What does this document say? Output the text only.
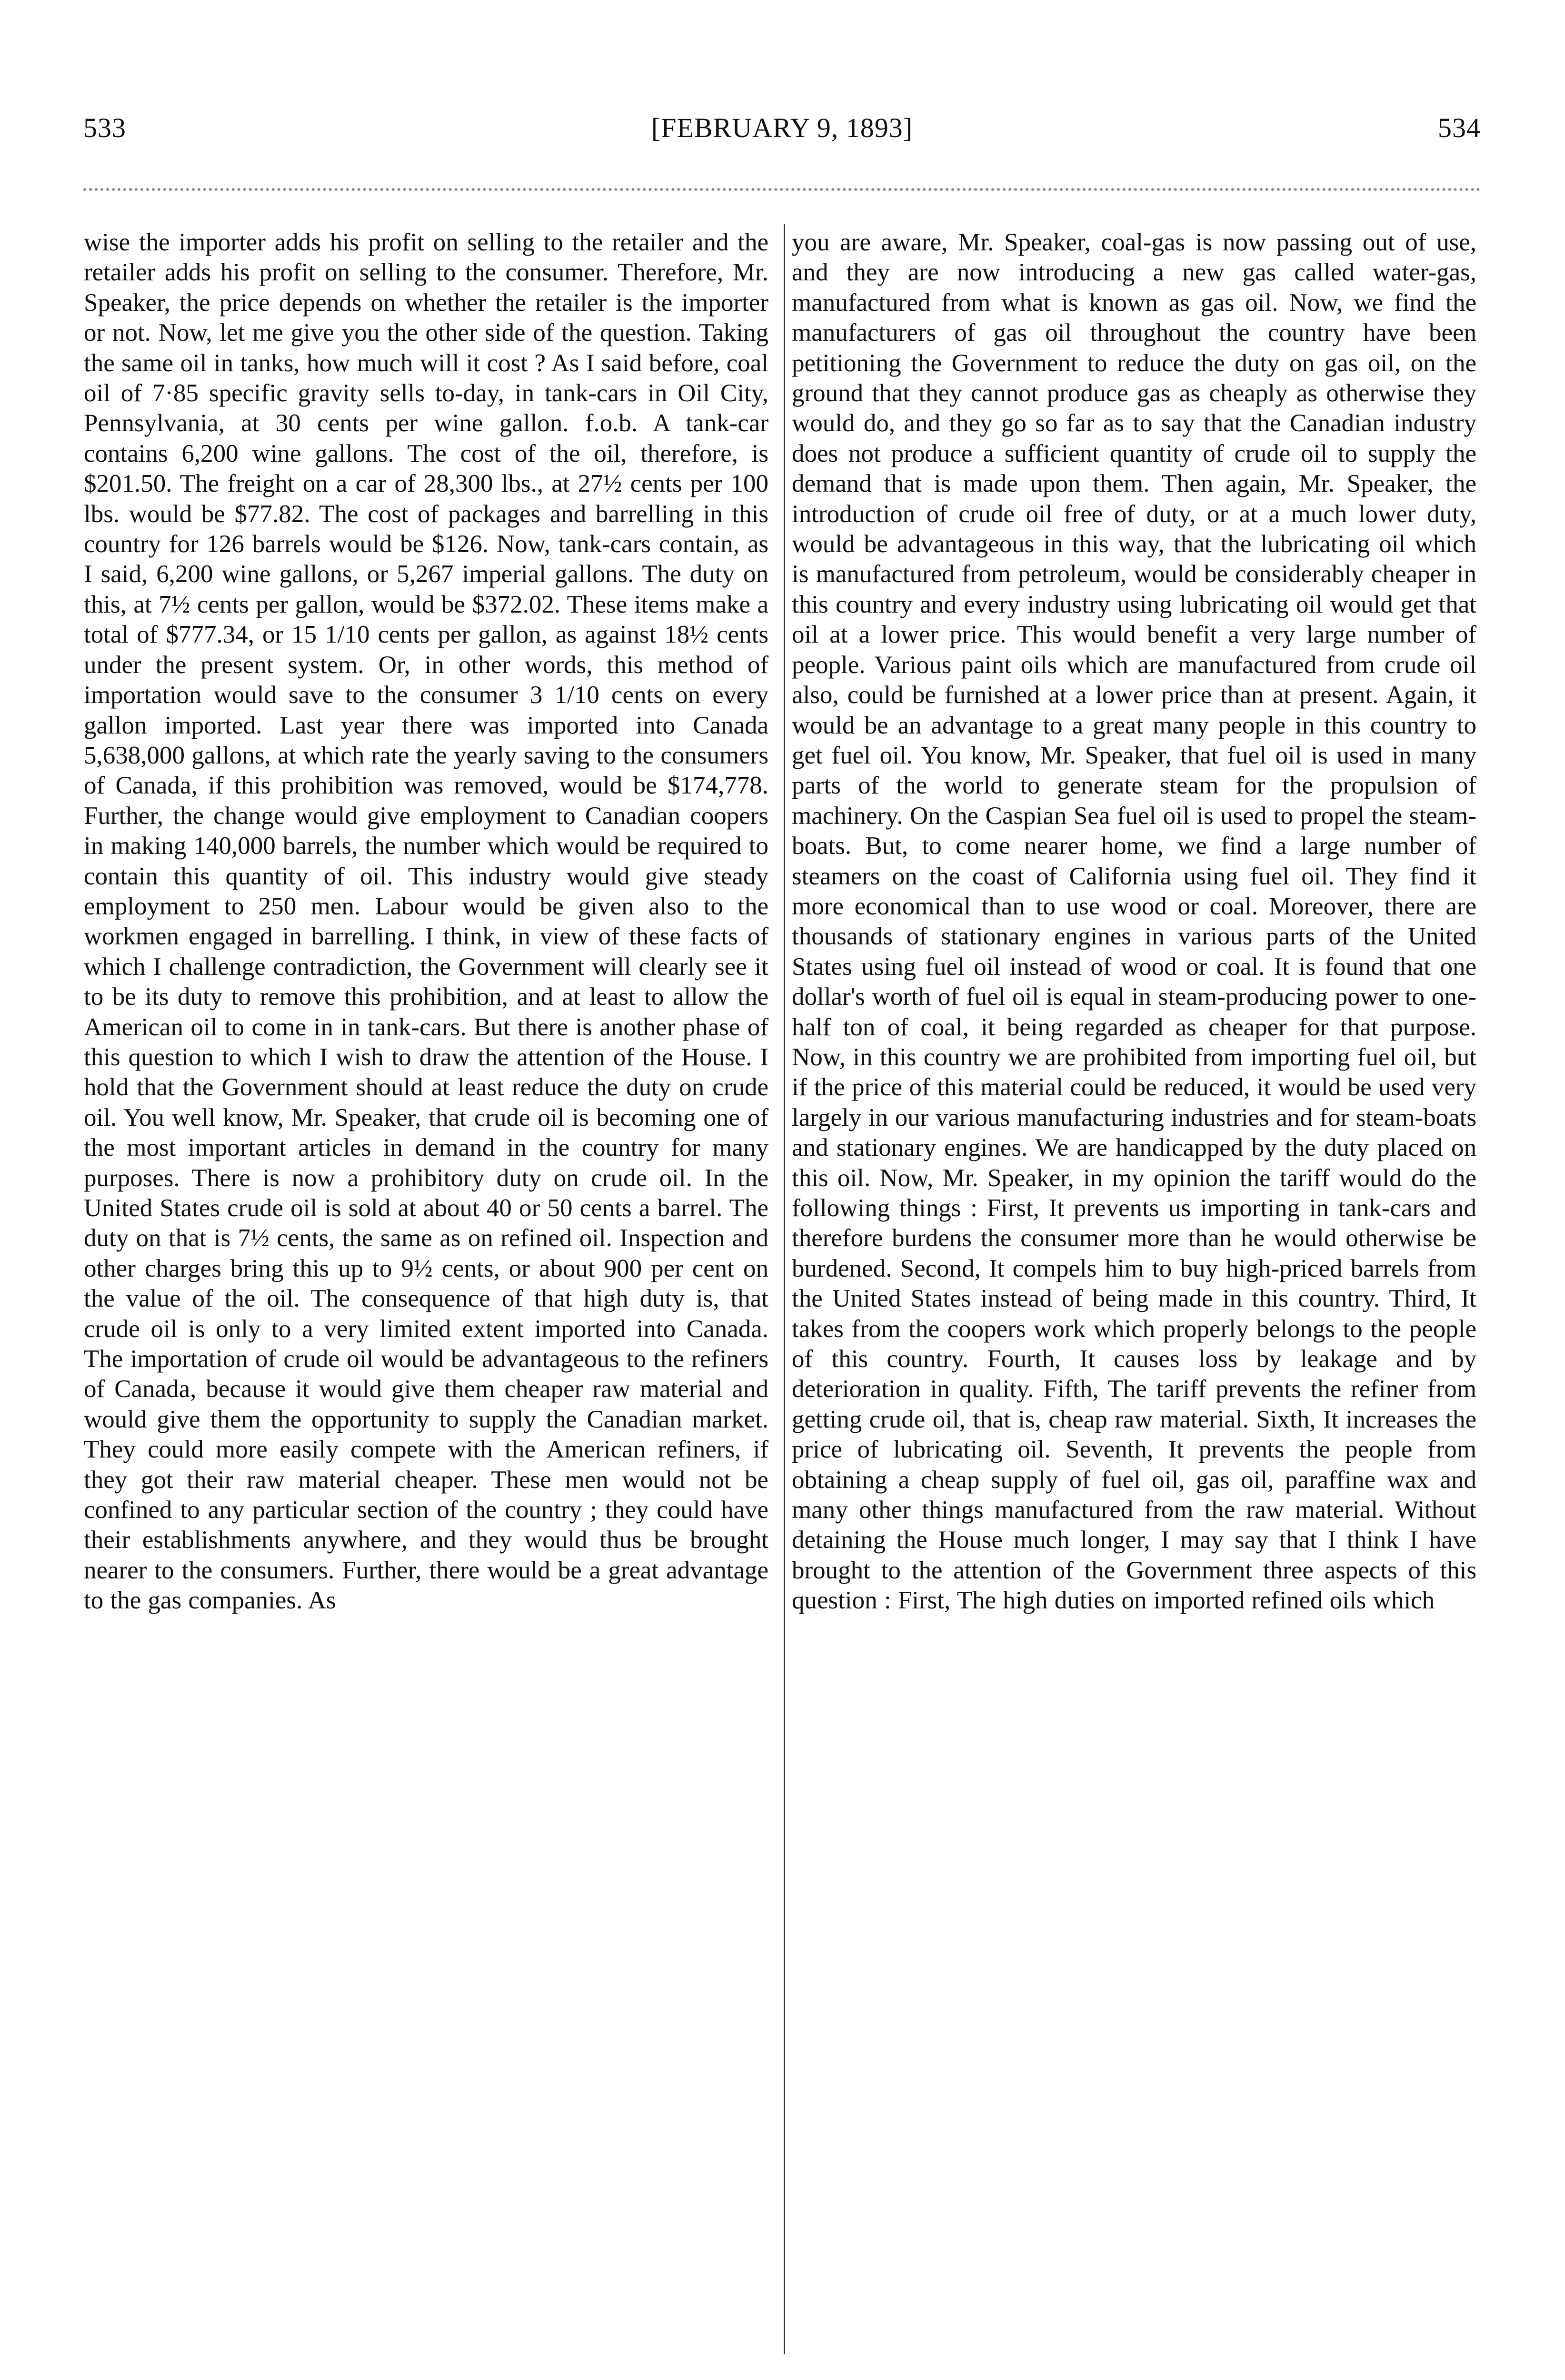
533	[FEBRUARY 9, 1893]	534
wise the importer adds his profit on selling to the retailer and the retailer adds his profit on selling to the consumer. Therefore, Mr. Speaker, the price depends on whether the retailer is the importer or not. Now, let me give you the other side of the question. Taking the same oil in tanks, how much will it cost ? As I said before, coal oil of 7·85 specific gravity sells to-day, in tank-cars in Oil City, Pennsylvania, at 30 cents per wine gallon. f.o.b. A tank-car contains 6,200 wine gallons. The cost of the oil, therefore, is $201.50. The freight on a car of 28,300 lbs., at 27½ cents per 100 lbs. would be $77.82. The cost of packages and barrelling in this country for 126 barrels would be $126. Now, tank-cars contain, as I said, 6,200 wine gallons, or 5,267 imperial gallons. The duty on this, at 7½ cents per gallon, would be $372.02. These items make a total of $777.34, or 15 1/10 cents per gallon, as against 18½ cents under the present system. Or, in other words, this method of importation would save to the consumer 3 1/10 cents on every gallon imported. Last year there was imported into Canada 5,638,000 gallons, at which rate the yearly saving to the consumers of Canada, if this prohibition was removed, would be $174,778. Further, the change would give employment to Canadian coopers in making 140,000 barrels, the number which would be required to contain this quantity of oil. This industry would give steady employment to 250 men. Labour would be given also to the workmen engaged in barrelling. I think, in view of these facts of which I challenge contradiction, the Government will clearly see it to be its duty to remove this prohibition, and at least to allow the American oil to come in in tank-cars. But there is another phase of this question to which I wish to draw the attention of the House. I hold that the Government should at least reduce the duty on crude oil. You well know, Mr. Speaker, that crude oil is becoming one of the most important articles in demand in the country for many purposes. There is now a prohibitory duty on crude oil. In the United States crude oil is sold at about 40 or 50 cents a barrel. The duty on that is 7½ cents, the same as on refined oil. Inspection and other charges bring this up to 9½ cents, or about 900 per cent on the value of the oil. The consequence of that high duty is, that crude oil is only to a very limited extent imported into Canada. The importation of crude oil would be advantageous to the refiners of Canada, because it would give them cheaper raw material and would give them the opportunity to supply the Canadian market. They could more easily compete with the American refiners, if they got their raw material cheaper. These men would not be confined to any particular section of the country ; they could have their establishments anywhere, and they would thus be brought nearer to the consumers. Further, there would be a great advantage to the gas companies. As
you are aware, Mr. Speaker, coal-gas is now passing out of use, and they are now introducing a new gas called water-gas, manufactured from what is known as gas oil. Now, we find the manufacturers of gas oil throughout the country have been petitioning the Government to reduce the duty on gas oil, on the ground that they cannot produce gas as cheaply as otherwise they would do, and they go so far as to say that the Canadian industry does not produce a sufficient quantity of crude oil to supply the demand that is made upon them. Then again, Mr. Speaker, the introduction of crude oil free of duty, or at a much lower duty, would be advantageous in this way, that the lubricating oil which is manufactured from petroleum, would be considerably cheaper in this country and every industry using lubricating oil would get that oil at a lower price. This would benefit a very large number of people. Various paint oils which are manufactured from crude oil also, could be furnished at a lower price than at present. Again, it would be an advantage to a great many people in this country to get fuel oil. You know, Mr. Speaker, that fuel oil is used in many parts of the world to generate steam for the propulsion of machinery. On the Caspian Sea fuel oil is used to propel the steam-boats. But, to come nearer home, we find a large number of steamers on the coast of California using fuel oil. They find it more economical than to use wood or coal. Moreover, there are thousands of stationary engines in various parts of the United States using fuel oil instead of wood or coal. It is found that one dollar's worth of fuel oil is equal in steam-producing power to one-half ton of coal, it being regarded as cheaper for that purpose. Now, in this country we are prohibited from importing fuel oil, but if the price of this material could be reduced, it would be used very largely in our various manufacturing industries and for steam-boats and stationary engines. We are handicapped by the duty placed on this oil. Now, Mr. Speaker, in my opinion the tariff would do the following things : First, It prevents us importing in tank-cars and therefore burdens the consumer more than he would otherwise be burdened. Second, It compels him to buy high-priced barrels from the United States instead of being made in this country. Third, It takes from the coopers work which properly belongs to the people of this country. Fourth, It causes loss by leakage and by deterioration in quality. Fifth, The tariff prevents the refiner from getting crude oil, that is, cheap raw material. Sixth, It increases the price of lubricating oil. Seventh, It prevents the people from obtaining a cheap supply of fuel oil, gas oil, paraffine wax and many other things manufactured from the raw material. Without detaining the House much longer, I may say that I think I have brought to the attention of the Government three aspects of this question : First, The high duties on imported refined oils which
